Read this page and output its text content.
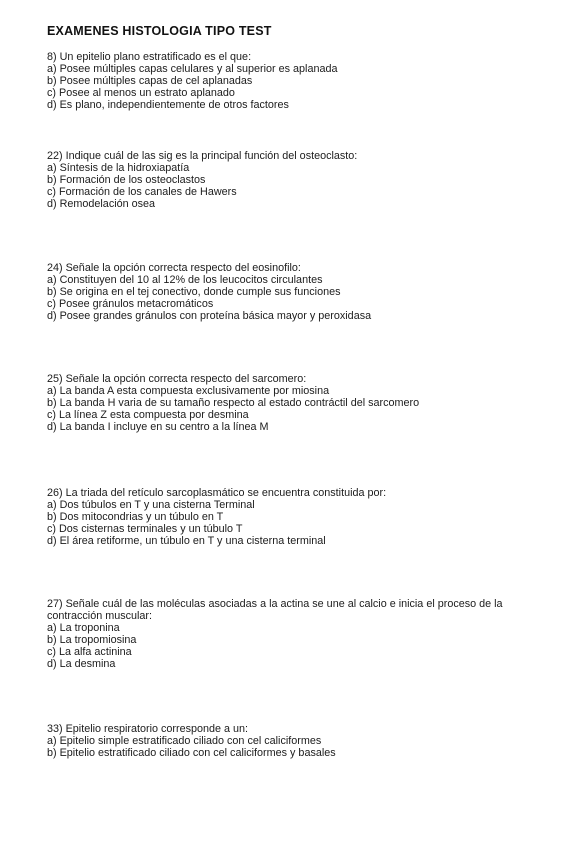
EXAMENES HISTOLOGIA TIPO TEST
8) Un epitelio plano estratificado es el que:
a) Posee múltiples capas celulares y al superior es aplanada
b) Posee múltiples capas de cel aplanadas
c) Posee al menos un estrato aplanado
d) Es plano, independientemente de otros factores
22) Indique cuál de las sig es la principal función del osteoclasto:
a) Síntesis de la hidroxiapatía
b) Formación de los osteoclastos
c) Formación de los canales de Hawers
d) Remodelación osea
24) Señale la opción correcta respecto del eosinofilo:
a) Constituyen del 10 al 12% de los leucocitos circulantes
b) Se origina en el tej conectivo, donde cumple sus funciones
c) Posee gránulos metacromáticos
d) Posee grandes gránulos con proteína básica mayor y peroxidasa
25) Señale la opción correcta respecto del sarcomero:
a) La banda A esta compuesta exclusivamente por miosina
b) La banda H varia de su tamaño respecto al estado contráctil del sarcomero
c) La línea Z esta compuesta por desmina
d) La banda I incluye en su centro a la línea M
26) La triada del retículo sarcoplasmático se encuentra constituida por:
a) Dos túbulos en T y una cisterna Terminal
b) Dos mitocondrias y un túbulo en T
c) Dos cisternas terminales y un túbulo T
d) El área retiforme, un túbulo en T y una cisterna terminal
27) Señale cuál de las moléculas asociadas a la actina se une al calcio e inicia el proceso de la contracción muscular:
a) La troponina
b) La tropomiosina
c) La alfa actinina
d) La desmina
33) Epitelio respiratorio corresponde a un:
a) Epitelio simple estratificado ciliado con cel caliciformes
b) Epitelio estratificado ciliado con cel caliciformes y basales
